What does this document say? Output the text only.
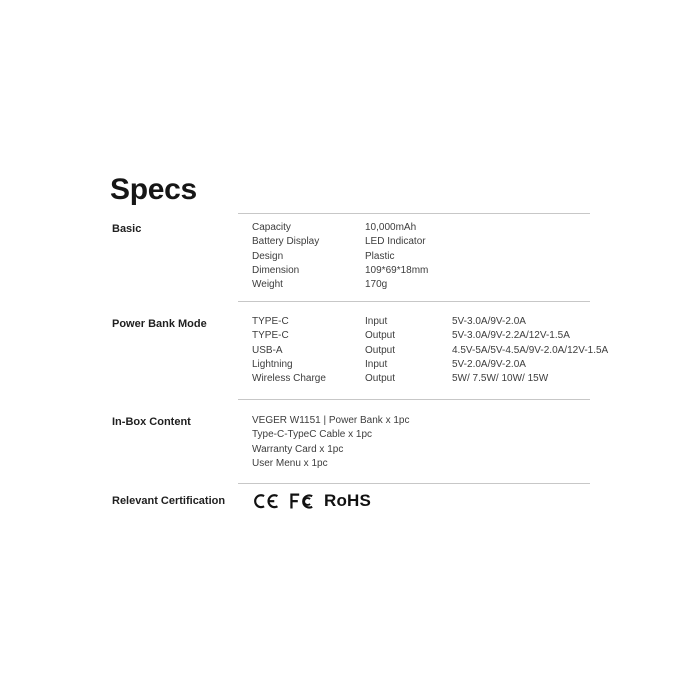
Specs
Basic	Capacity	10,000mAh
Battery Display	LED Indicator
Design	Plastic
Dimension	109*69*18mm
Weight	170g
Power Bank Mode	TYPE-C	Input	5V-3.0A/9V-2.0A
TYPE-C	Output	5V-3.0A/9V-2.2A/12V-1.5A
USB-A	Output	4.5V-5A/5V-4.5A/9V-2.0A/12V-1.5A
Lightning	Input	5V-2.0A/9V-2.0A
Wireless Charge	Output	5W/ 7.5W/ 10W/ 15W
In-Box Content	VEGER W1151 | Power Bank x 1pc
Type-C-TypeC Cable x 1pc
Warranty Card x 1pc
User Menu x 1pc
Relevant Certification	RoHS
